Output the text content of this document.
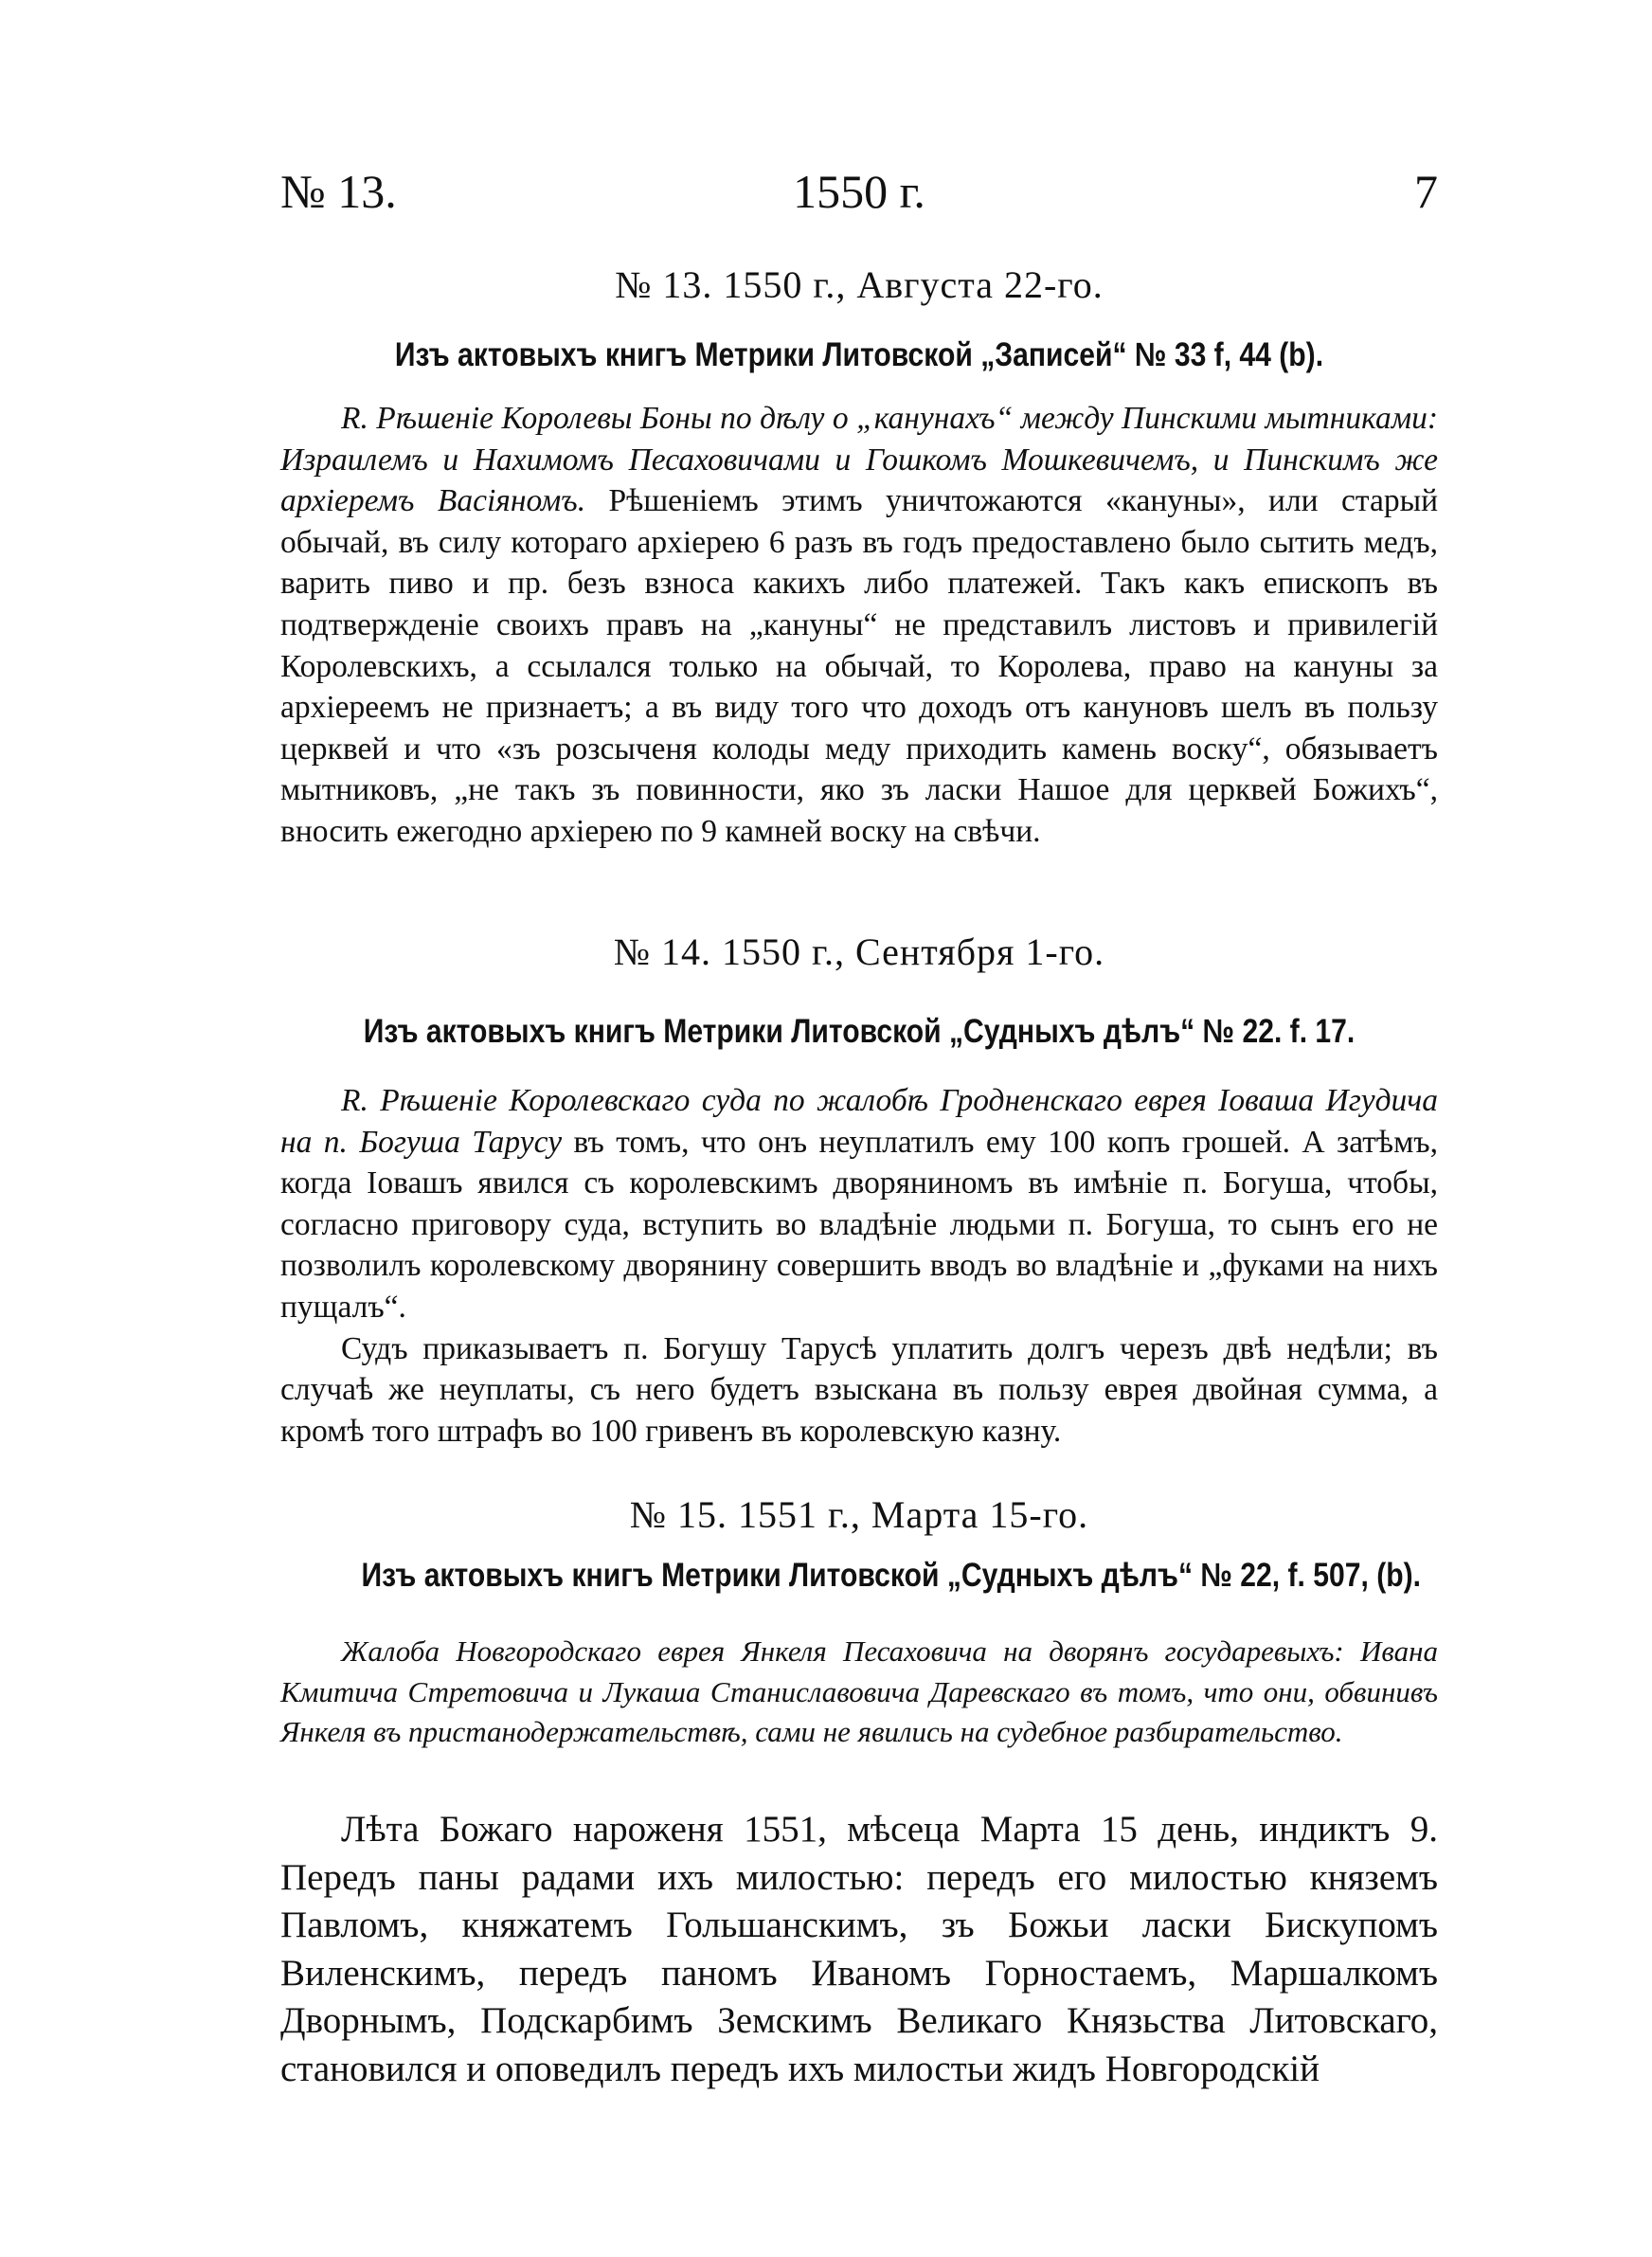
№ 13.	1550 г.	7
№ 13. 1550 г., Августа 22-го.
Изъ актовыхъ книгъ Метрики Литовской „Записей“ № 33 f, 44 (b).

R. Рѣшеніе Королевы Боны по дѣлу о „канунахъ“ между Пинскими мытниками: Израилемъ и Нахимомъ Песаховичами и Гошкомъ Мошкевичемъ, и Пинскимъ же архіеремъ Васіяномъ. Рѣшеніемъ этимъ уничтожаются «кануны», или старый обычай, въ силу котораго архіерею 6 разъ въ годъ предоставлено было сытить медъ, варить пиво и пр. безъ взноса какихъ либо платежей. Такъ какъ епископъ въ подтвержденіе своихъ правъ на „кануны“ не представилъ листовъ и привилегій Королевскихъ, а ссылался только на обычай, то Королева, право на кануны за архіереемъ не признаетъ; а въ виду того что доходъ отъ кануновъ шелъ въ пользу церквей и что «зъ розсыченя колоды меду приходить камень воску“, обязываетъ мытниковъ, „не такъ зъ повинности, яко зъ ласки Нашое для церквей Божихъ“, вносить ежегодно архіерею по 9 камней воску на свѣчи.

№ 14. 1550 г., Сентября 1-го.
Изъ актовыхъ книгъ Метрики Литовской „Судныхъ дѣлъ“ № 22. f. 17.

R. Рѣшеніе Королевскаго суда по жалобѣ Гродненскаго еврея Іоваша Игудича на п. Богуша Тарусу въ томъ, что онъ неуплатилъ ему 100 копъ грошей. А затѣмъ, когда Іовашъ явился съ королевскимъ дворяниномъ въ имѣніе п. Богуша, чтобы, согласно приговору суда, вступить во владѣніе людьми п. Богуша, то сынъ его не позволилъ королевскому дворянину совершить вводъ во владѣніе и „фуками на нихъ пущалъ“.

Судъ приказываетъ п. Богушу Тарусѣ уплатить долгъ черезъ двѣ недѣли; въ случаѣ же неуплаты, съ него будетъ взыскана въ пользу еврея двойная сумма, а кромѣ того штрафъ во 100 гривенъ въ королевскую казну.

№ 15. 1551 г., Марта 15-го.
Изъ актовыхъ книгъ Метрики Литовской „Судныхъ дѣлъ“ № 22, f. 507, (b).
Жалоба Новгородскаго еврея Янкеля Песаховича на дворянъ государевыхъ: Ивана Кмитича Стретовича и Лукаша Станиславовича Даревскаго въ томъ, что они, обвинивъ Янкеля въ пристанодержательствѣ, сами не явились на судебное разбирательство.
Лѣта Божаго нароженя 1551, мѣсеца Марта 15 день, индиктъ 9. Передъ паны радами ихъ милостью: передъ его милостью княземъ Павломъ, княжатемъ Гольшанскимъ, зъ Божьи ласки Бискупомъ Виленскимъ, передъ паномъ Иваномъ Горностаемъ, Маршалкомъ Дворнымъ, Подскарбимъ Земскимъ Великаго Князьства Литовскаго, становился и оповедилъ передъ ихъ милостьи жидъ Новгородскій
